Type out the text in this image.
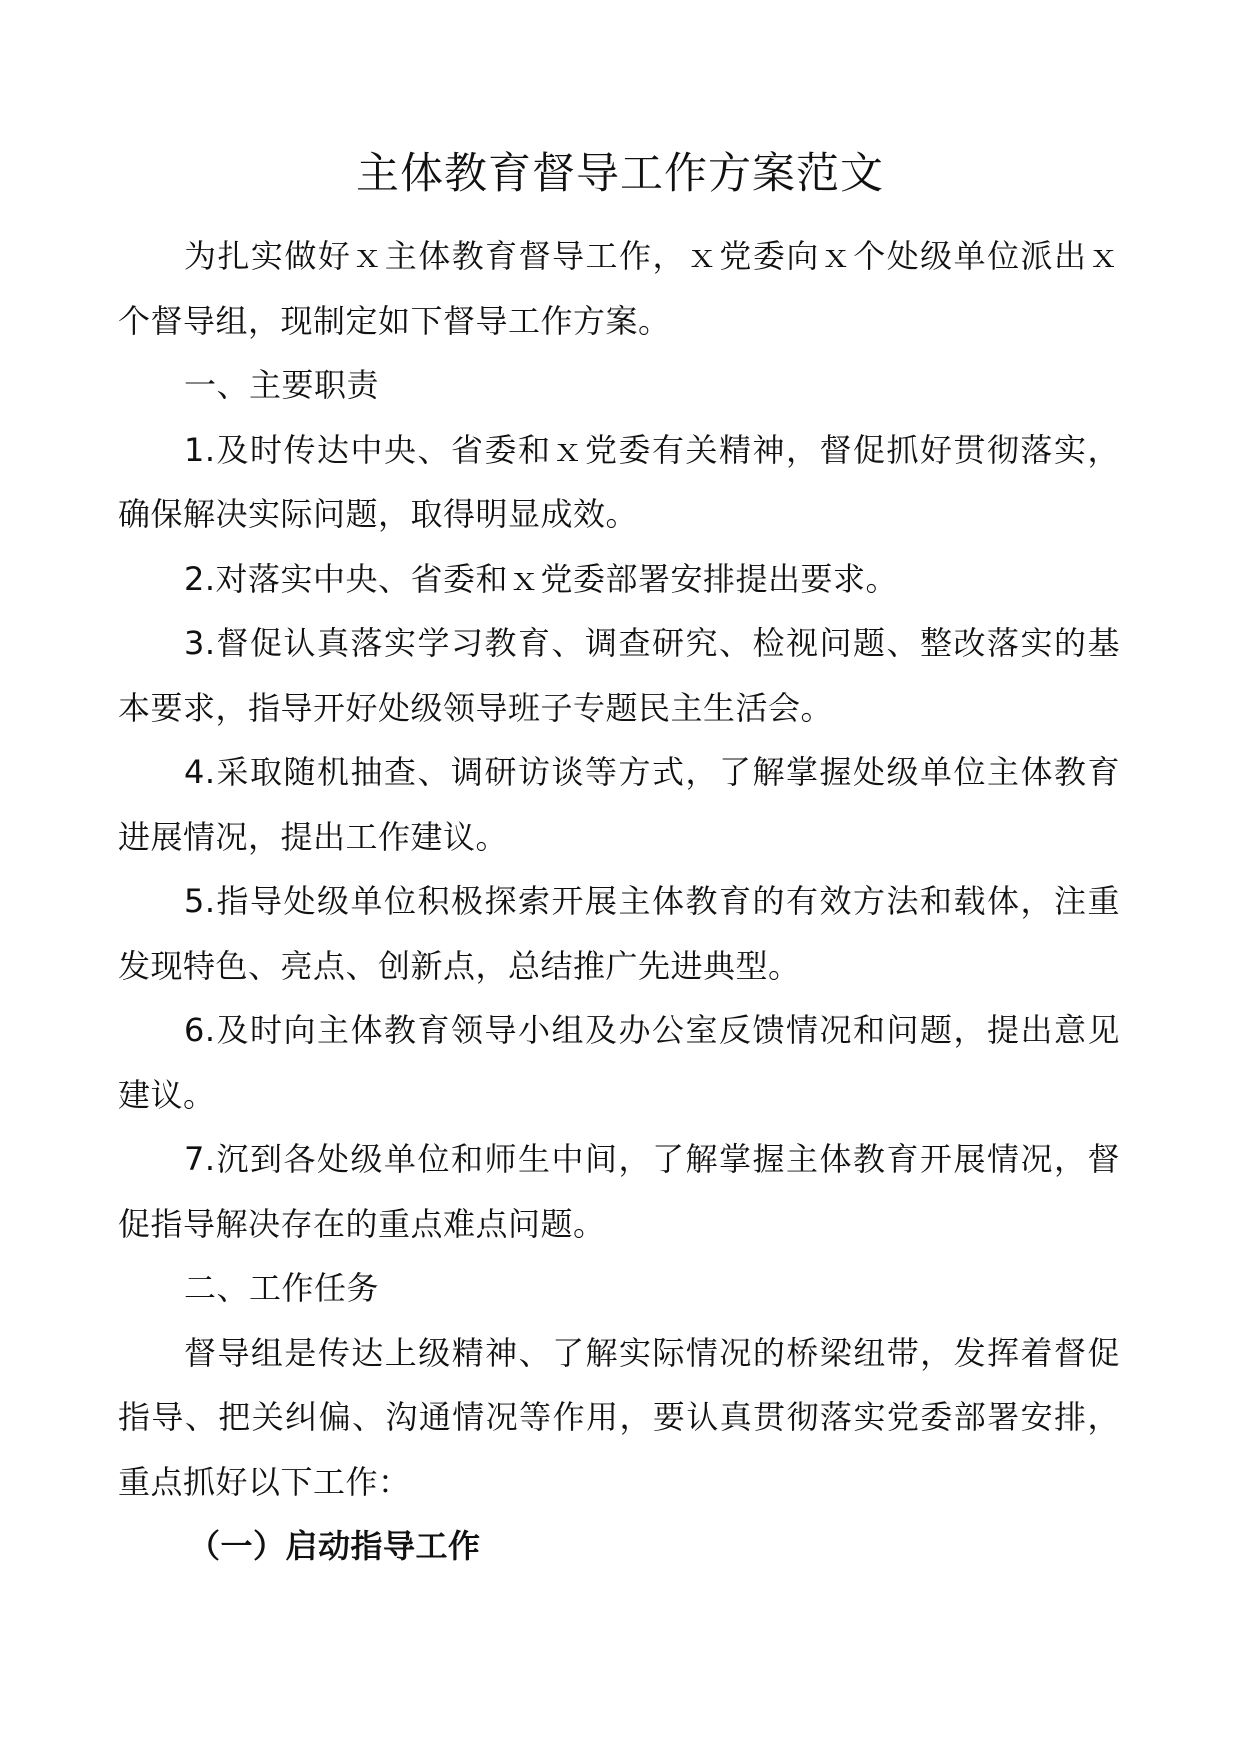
主体教育督导工作方案范文

为扎实做好ｘ主体教育督导工作，ｘ党委向ｘ个处级单位派出ｘ个督导组，现制定如下督导工作方案。

一、主要职责

1.及时传达中央、省委和ｘ党委有关精神，督促抓好贯彻落实，确保解决实际问题，取得明显成效。

2.对落实中央、省委和ｘ党委部署安排提出要求。

3.督促认真落实学习教育、调查研究、检视问题、整改落实的基本要求，指导开好处级领导班子专题民主生活会。

4.采取随机抽查、调研访谈等方式，了解掌握处级单位主体教育进展情况，提出工作建议。

5.指导处级单位积极探索开展主体教育的有效方法和载体，注重发现特色、亮点、创新点，总结推广先进典型。

6.及时向主体教育领导小组及办公室反馈情况和问题，提出意见建议。

7.沉到各处级单位和师生中间，了解掌握主体教育开展情况，督促指导解决存在的重点难点问题。

二、工作任务

督导组是传达上级精神、了解实际情况的桥梁纽带，发挥着督促指导、把关纠偏、沟通情况等作用，要认真贯彻落实党委部署安排，重点抓好以下工作：

（一）启动指导工作
